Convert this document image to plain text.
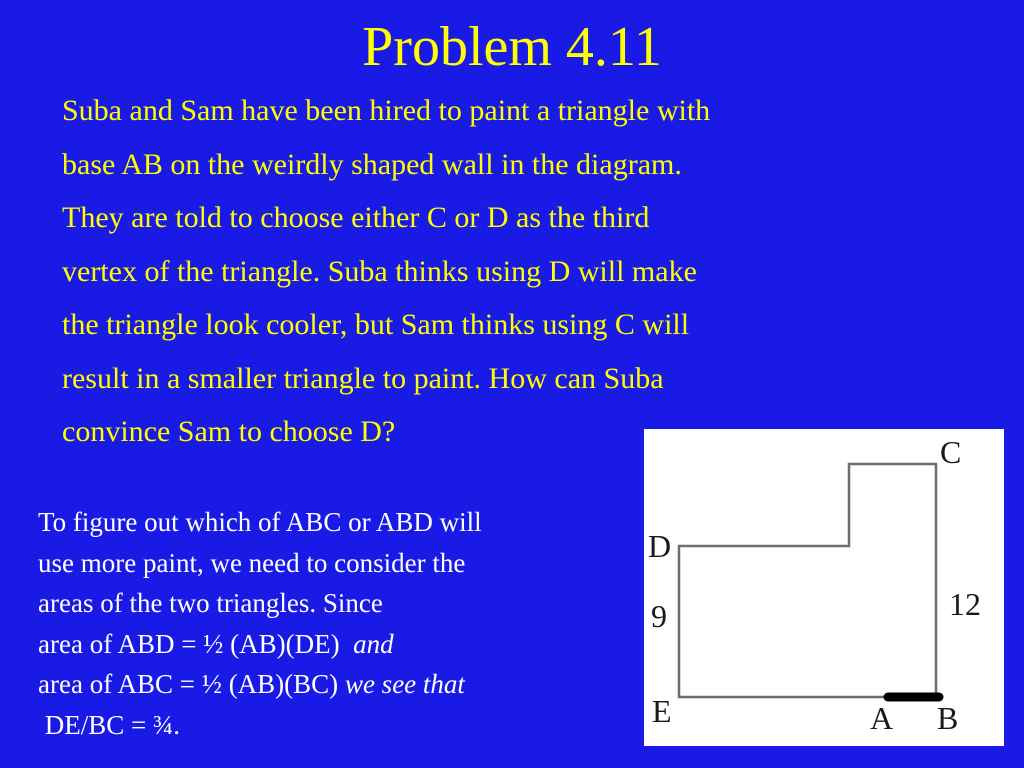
Problem 4.11
Suba and Sam have been hired to paint a triangle with
base AB on the weirdly shaped wall in the diagram.
They are told to choose either C or D as the third
vertex of the triangle. Suba thinks using D will make
the triangle look cooler, but Sam thinks using C will
result in a smaller triangle to paint. How can Suba
convince Sam to choose D?
To figure out which of ABC or ABD will
use more paint, we need to consider the
areas of the two triangles. Since
area of ABD = ½ (AB)(DE) and
area of ABC = ½ (AB)(BC) we see that
DE/BC = ¾.
C
D
9	12
E	A B
